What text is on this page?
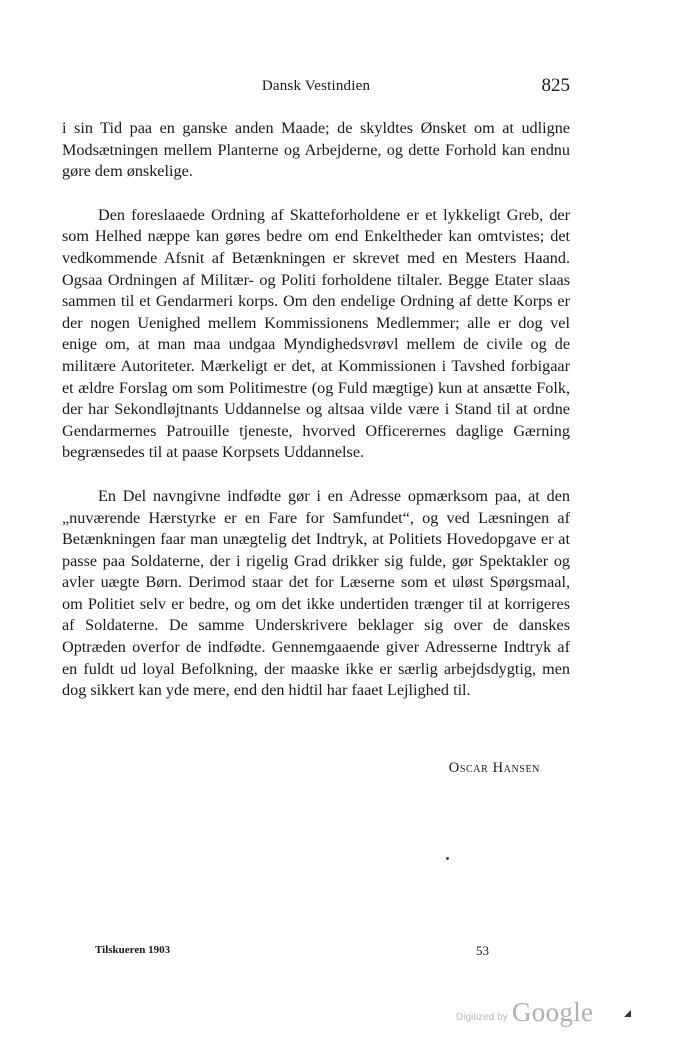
Dansk Vestindien	825

i sin Tid paa en ganske anden Maade; de skyldtes Ønsket om at udligne Modsætningen mellem Planterne og Arbejderne, og dette Forhold kan endnu gøre dem ønskelige.

Den foreslaaede Ordning af Skatteforholdene er et lykkeligt Greb, der som Helhed næppe kan gøres bedre om end Enkeltheder kan omtvistes; det vedkommende Afsnit af Betænkningen er skrevet med en Mesters Haand. Ogsaa Ordningen af Militær- og Politi forholdene tiltaler. Begge Etater slaas sammen til et Gendarmeri korps. Om den endelige Ordning af dette Korps er der nogen Uenighed mellem Kommissionens Medlemmer; alle er dog vel enige om, at man maa undgaa Myndighedsvrøvl mellem de civile og de militære Autoriteter. Mærkeligt er det, at Kommissionen i Tavshed forbigaar et ældre Forslag om som Politimestre (og Fuld mægtige) kun at ansætte Folk, der har Sekondløjtnants Uddannelse og altsaa vilde være i Stand til at ordne Gendarmernes Patrouille tjeneste, hvorved Officerernes daglige Gærning begrænsedes til at paase Korpsets Uddannelse.

En Del navngivne indfødte gør i en Adresse opmærksom paa, at den „nuværende Hærstyrke er en Fare for Samfundet“, og ved Læsningen af Betænkningen faar man unægtelig det Indtryk, at Politiets Hovedopgave er at passe paa Soldaterne, der i rigelig Grad drikker sig fulde, gør Spektakler og avler uægte Børn. Derimod staar det for Læserne som et uløst Spørgsmaal, om Politiet selv er bedre, og om det ikke undertiden trænger til at korrigeres af Soldaterne. De samme Underskrivere beklager sig over de danskes Optræden overfor de indfødte. Gennemgaaende giver Adresserne Indtryk af en fuldt ud loyal Befolkning, der maaske ikke er særlig arbejdsdygtig, men dog sikkert kan yde mere, end den hidtil har faaet Lejlighed til.

Oscar Hansen
Tilskueren 1903	53
Digitized by Google
